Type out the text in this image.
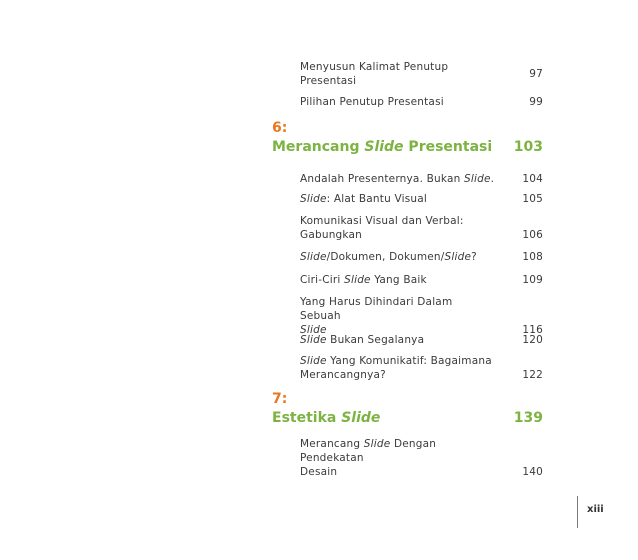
Menyusun Kalimat Penutup
Presentasi
97
Pilihan Penutup Presentasi	99
6:
Merancang Slide Presentasi 103
Andalah Presenternya. Bukan Slide.	104
Slide: Alat Bantu Visual	105
Komunikasi Visual dan Verbal:
Gabungkan	106
Slide/Dokumen, Dokumen/Slide?	108
Ciri-Ciri Slide Yang Baik	109
Yang Harus Dihindari Dalam Sebuah
Slide	116
Slide Bukan Segalanya	120
Slide Yang Komunikatif: Bagaimana
Merancangnya?	122
7:
Estetika Slide	139
Merancang Slide Dengan Pendekatan
Desain	140
xiii
